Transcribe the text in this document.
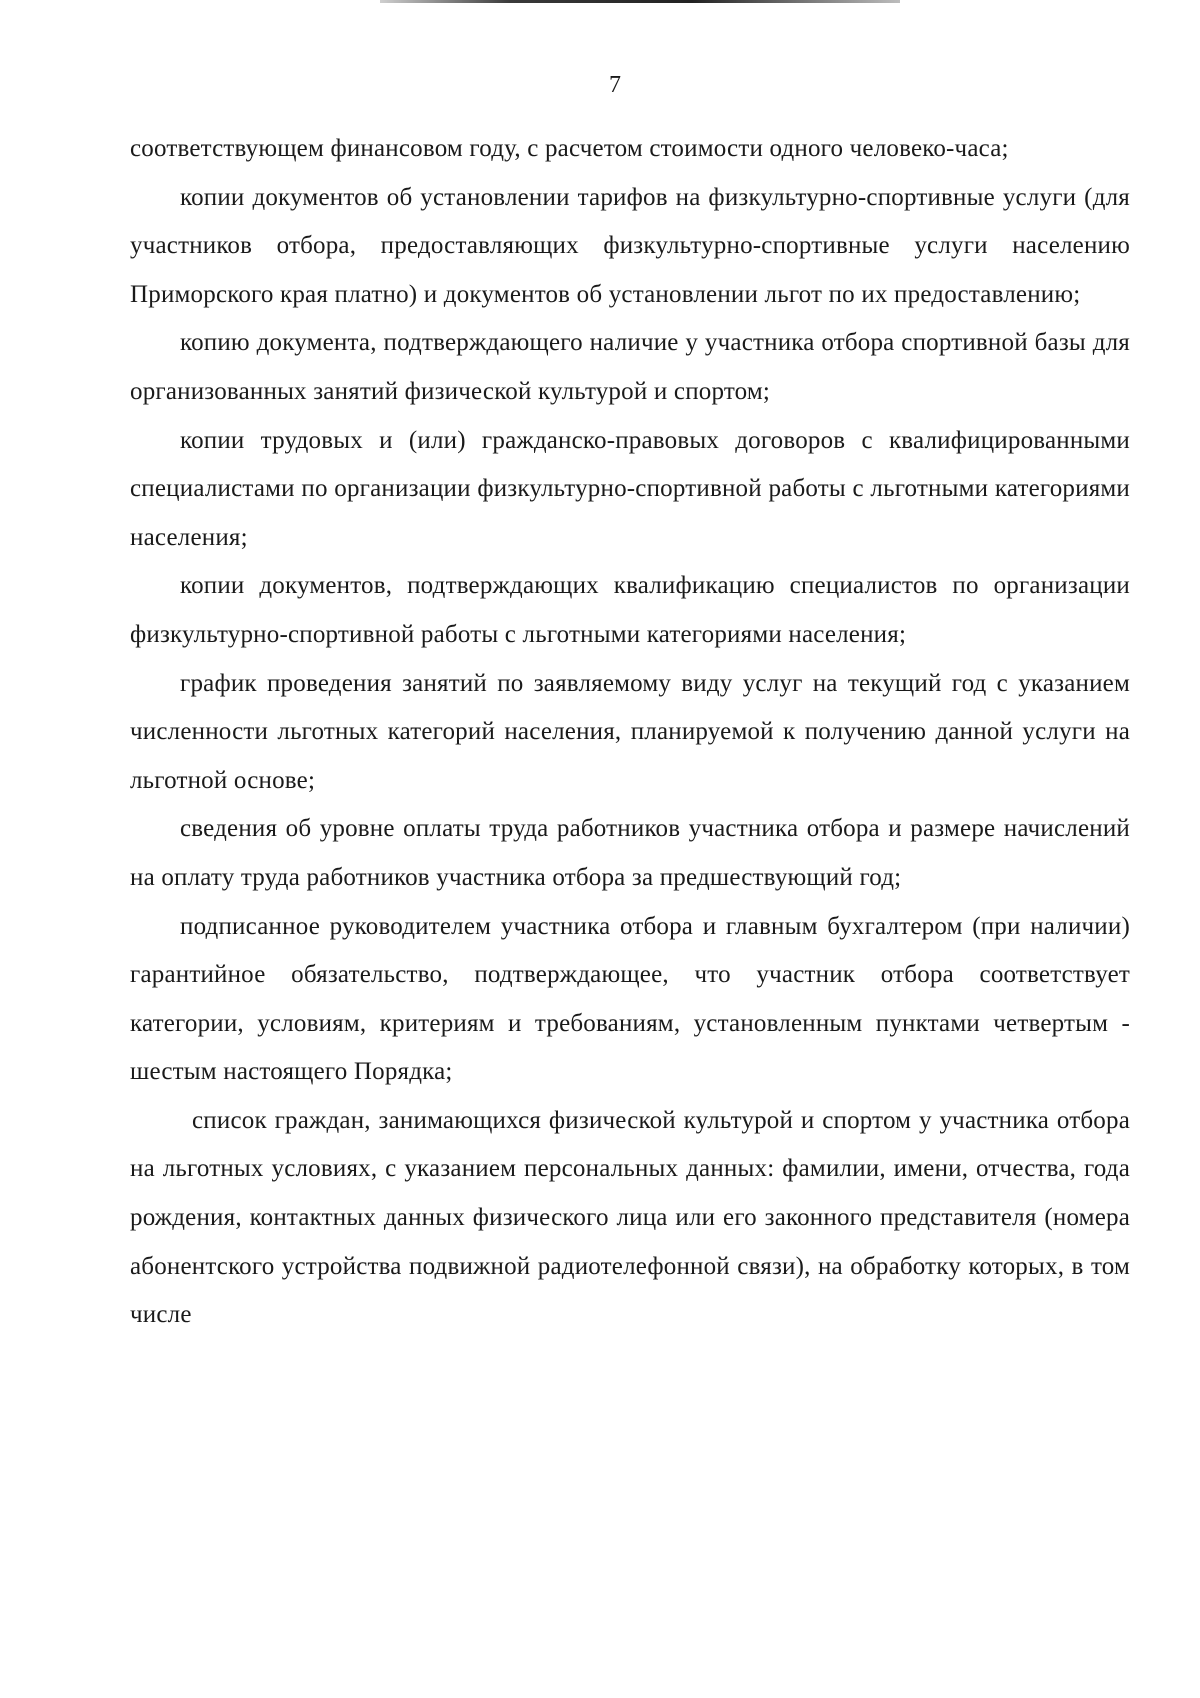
7

соответствующем финансовом году, с расчетом стоимости одного человеко-часа;

копии документов об установлении тарифов на физкультурно-спортивные услуги (для участников отбора, предоставляющих физкультурно-спортивные услуги населению Приморского края платно) и документов об установлении льгот по их предоставлению;

копию документа, подтверждающего наличие у участника отбора спортивной базы для организованных занятий физической культурой и спортом;

копии трудовых и (или) гражданско-правовых договоров с квалифицированными специалистами по организации физкультурно-спортивной работы с льготными категориями населения;

копии документов, подтверждающих квалификацию специалистов по организации физкультурно-спортивной работы с льготными категориями населения;

график проведения занятий по заявляемому виду услуг на текущий год с указанием численности льготных категорий населения, планируемой к получению данной услуги на льготной основе;

сведения об уровне оплаты труда работников участника отбора и размере начислений на оплату труда работников участника отбора за предшествующий год;

подписанное руководителем участника отбора и главным бухгалтером (при наличии) гарантийное обязательство, подтверждающее, что участник отбора соответствует категории, условиям, критериям и требованиям, установленным пунктами четвертым - шестым настоящего Порядка;

список граждан, занимающихся физической культурой и спортом у участника отбора на льготных условиях, с указанием персональных данных: фамилии, имени, отчества, года рождения, контактных данных физического лица или его законного представителя (номера абонентского устройства подвижной радиотелефонной связи), на обработку которых, в том числе
